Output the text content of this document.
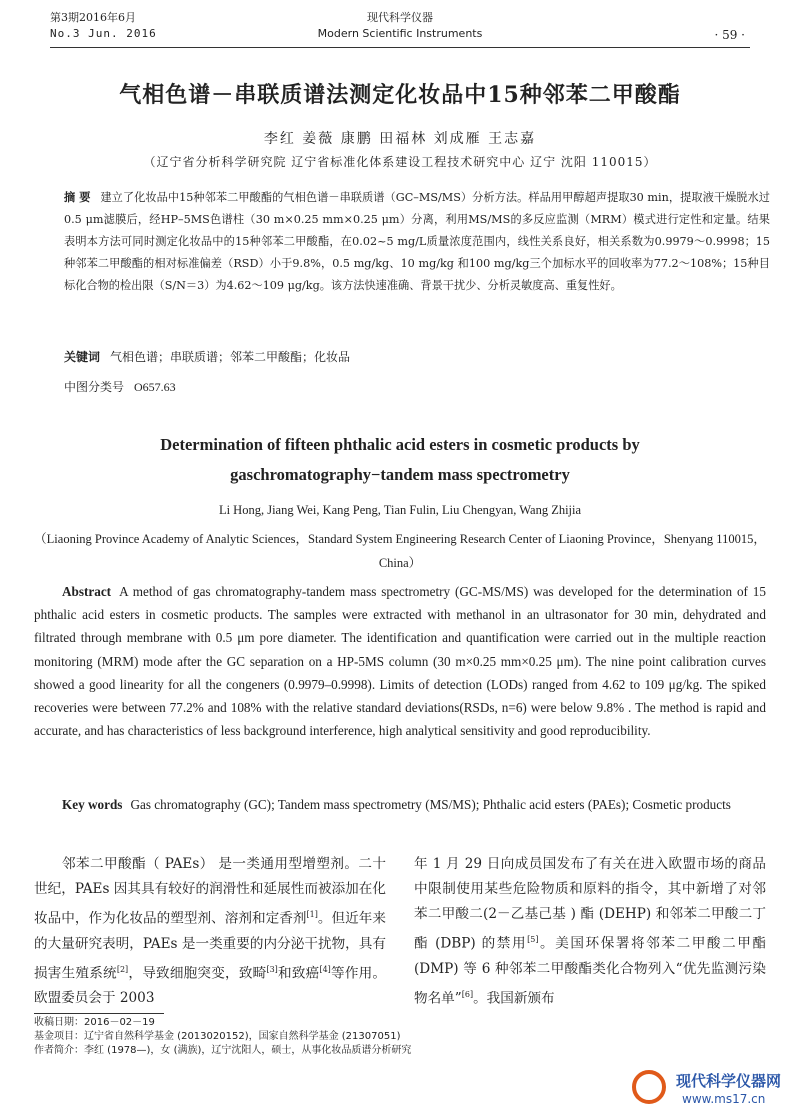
第3期2016年6月
No.3 Jun. 2016
现代科学仪器
Modern Scientific Instruments	· 59 ·
气相色谱－串联质谱法测定化妆品中15种邻苯二甲酸酯
李红 姜薇 康鹏 田福林 刘成雁 王志嘉
（辽宁省分析科学研究院 辽宁省标准化体系建设工程技术研究中心 辽宁 沈阳 110015）
摘 要 建立了化妆品中15种邻苯二甲酸酯的气相色谱－串联质谱（GC–MS/MS）分析方法。样品用甲醇超声提取30 min，提取液干燥脱水过0.5 μm滤膜后，经HP–5MS色谱柱（30 m×0.25 mm×0.25 μm）分离，利用MS/MS的多反应监测（MRM）模式进行定性和定量。结果表明本方法可同时测定化妆品中的15种邻苯二甲酸酯，在0.02~5 mg/L质量浓度范围内，线性关系良好，相关系数为0.9979～0.9998；15种邻苯二甲酸酯的相对标准偏差（RSD）小于9.8%，0.5 mg/kg、10 mg/kg 和100 mg/kg三个加标水平的回收率为77.2～108%；15种目标化合物的检出限（S/N＝3）为4.62～109 μg/kg。该方法快速准确、背景干扰少、分析灵敏度高、重复性好。
关键词 气相色谱；串联质谱；邻苯二甲酸酯；化妆品
中图分类号 O657.63
Determination of fifteen phthalic acid esters in cosmetic products by
gaschromatography−tandem mass spectrometry
Li Hong, Jiang Wei, Kang Peng, Tian Fulin, Liu Chengyan, Wang Zhijia
（Liaoning Province Academy of Analytic Sciences，Standard System Engineering Research Center of Liaoning Province，Shenyang 110015，China）
Abstract A method of gas chromatography-tandem mass spectrometry (GC-MS/MS) was developed for the determination of 15 phthalic acid esters in cosmetic products. The samples were extracted with methanol in an ultrasonator for 30 min, dehydrated and filtrated through membrane with 0.5 μm pore diameter. The identification and quantification were carried out in the multiple reaction monitoring (MRM) mode after the GC separation on a HP-5MS column (30 m×0.25 mm×0.25 μm). The nine point calibration curves showed a good linearity for all the congeners (0.9979–0.9998). Limits of detection (LODs) ranged from 4.62 to 109 μg/kg. The spiked recoveries were between 77.2% and 108% with the relative standard deviations(RSDs, n=6) were below 9.8% . The method is rapid and accurate, and has characteristics of less background interference, high analytical sensitivity and good reproducibility.
Key words Gas chromatography (GC); Tandem mass spectrometry (MS/MS); Phthalic acid esters (PAEs); Cosmetic products
邻苯二甲酸酯（ PAEs） 是一类通用型增塑剂。二十世纪，PAEs 因其具有较好的润滑性和延展性而被添加在化妆品中，作为化妆品的塑型剂、溶剂和定香剂[1]。但近年来的大量研究表明，PAEs 是一类重要的内分泌干扰物，具有损害生殖系统[2]，导致细胞突变，致畸[3]和致癌[4]等作用。欧盟委员会于 2003
年 1 月 29 日向成员国发布了有关在进入欧盟市场的商品中限制使用某些危险物质和原料的指令，其中新增了对邻苯二甲酸二(2－乙基己基 ) 酯 (DEHP) 和邻苯二甲酸二丁酯 (DBP) 的禁用[5]。美国环保署将邻苯二甲酸二甲酯 (DMP) 等 6 种邻苯二甲酸酯类化合物列入“优先监测污染物名单”[6]。我国新颁布
收稿日期：2016－02－19
基金项目：辽宁省自然科学基金 (2013020152)，国家自然科学基金 (21307051)
作者简介：李红 (1978—)，女 (满族)，辽宁沈阳人，硕士，从事化妆品质谱分析研究
现代科学仪器网
www.ms17.cn
